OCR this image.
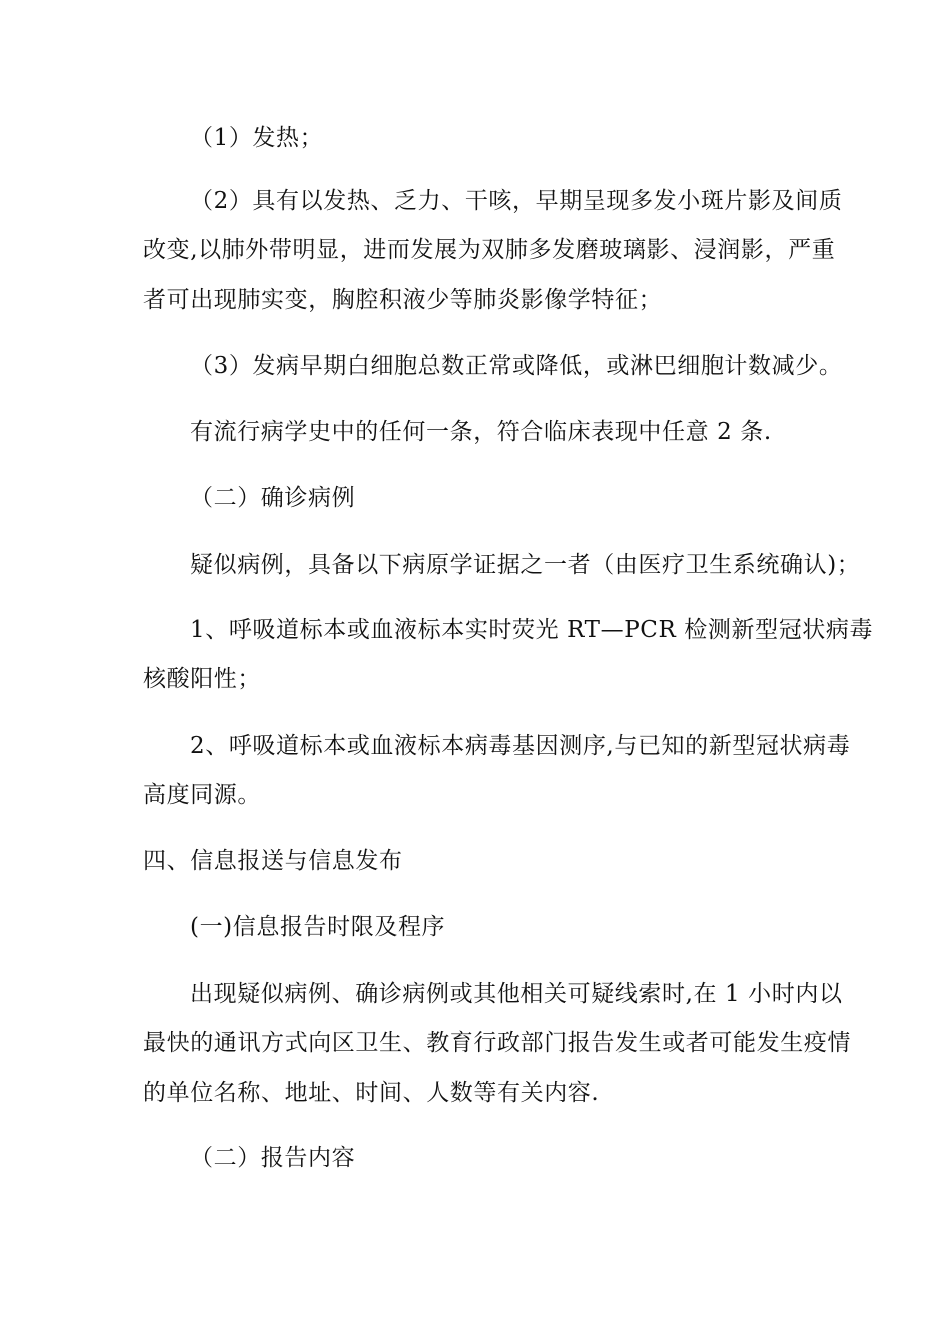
（1）发热；
（2）具有以发热、乏力、干咳，早期呈现多发小斑片影及间质
改变,以肺外带明显，进而发展为双肺多发磨玻璃影、浸润影，严重
者可出现肺实变，胸腔积液少等肺炎影像学特征；
（3）发病早期白细胞总数正常或降低，或淋巴细胞计数减少。
有流行病学史中的任何一条，符合临床表现中任意 2 条.
（二）确诊病例
疑似病例，具备以下病原学证据之一者（由医疗卫生系统确认)；
1、呼吸道标本或血液标本实时荧光 RT—PCR 检测新型冠状病毒
核酸阳性；
2、呼吸道标本或血液标本病毒基因测序,与已知的新型冠状病毒
高度同源。
四、信息报送与信息发布
(一)信息报告时限及程序
出现疑似病例、确诊病例或其他相关可疑线索时,在 1 小时内以
最快的通讯方式向区卫生、教育行政部门报告发生或者可能发生疫情
的单位名称、地址、时间、人数等有关内容.
（二）报告内容
